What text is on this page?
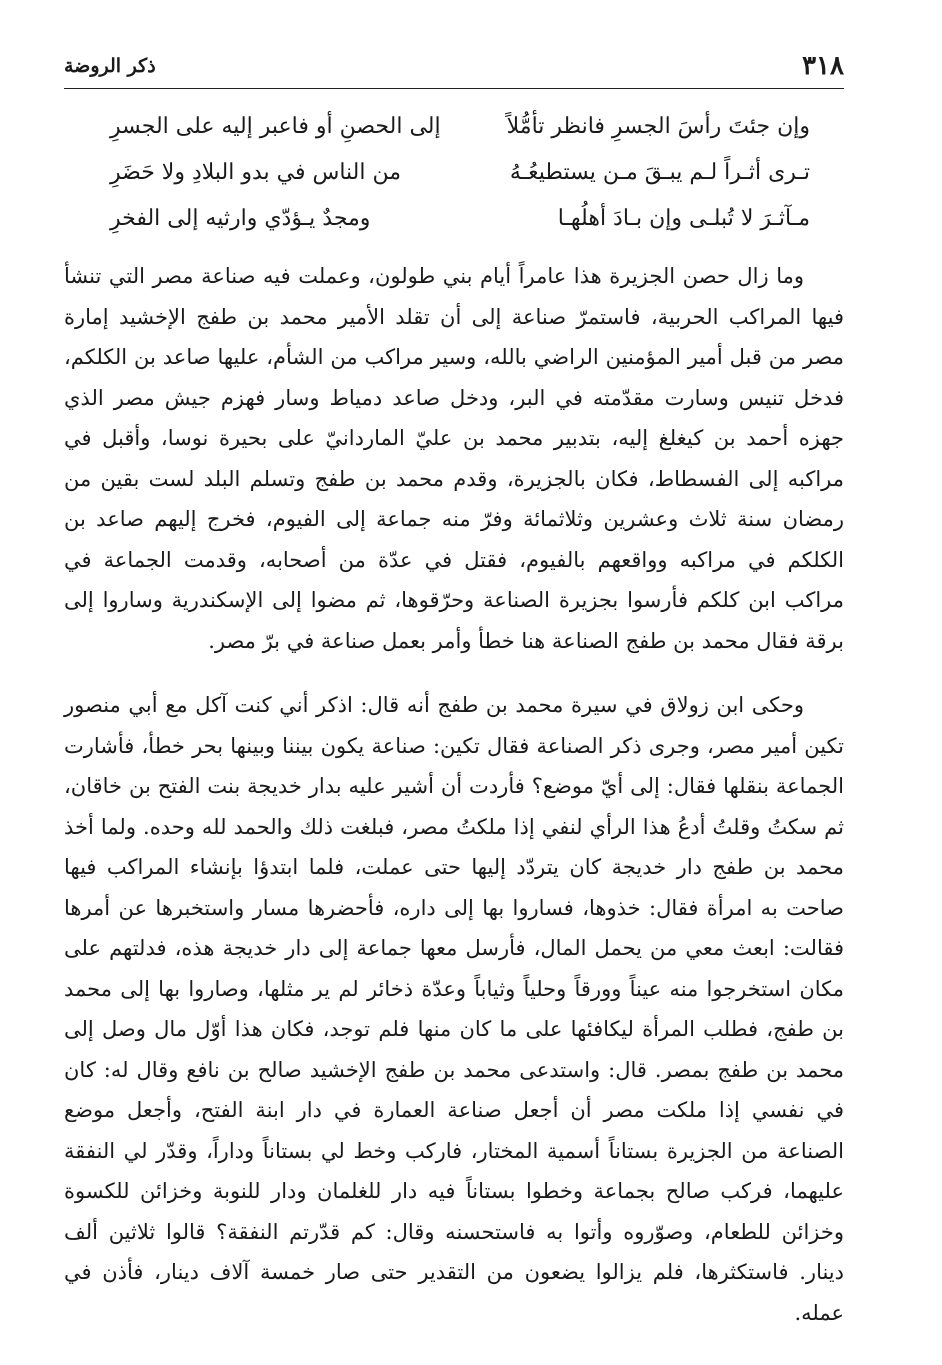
٣١٨
ذكر الروضة
وإن جئتَ رأسَ الجسرِ فانظر تأمُّلاً
إلى الحصنِ أو فاعبر إليه على الجسرِ
تـرى أثـراً لـم يبـقَ مـن يستطيعُـهُ
من الناس في بدو البلادِ ولا حَضَرِ
مـآثـرَ لا تُبلـى وإن بـادَ أهلُهـا
ومجدٌ يـؤدّي وارثيه إلى الفخرِ

وما زال حصن الجزيرة هذا عامراً أيام بني طولون، وعملت فيه صناعة مصر التي تنشأ فيها المراكب الحربية، فاستمرّ صناعة إلى أن تقلد الأمير محمد بن طفج الإخشيد إمارة مصر من قبل أمير المؤمنين الراضي بالله، وسير مراكب من الشأم، عليها صاعد بن الكلكم، فدخل تنيس وسارت مقدّمته في البر، ودخل صاعد دمياط وسار فهزم جيش مصر الذي جهزه أحمد بن كيغلغ إليه، بتدبير محمد بن عليّ الماردانيّ على بحيرة نوسا، وأقبل في مراكبه إلى الفسطاط، فكان بالجزيرة، وقدم محمد بن طفج وتسلم البلد لست بقين من رمضان سنة ثلاث وعشرين وثلاثمائة وفرّ منه جماعة إلى الفيوم، فخرج إليهم صاعد بن الكلكم في مراكبه وواقعهم بالفيوم، فقتل في عدّة من أصحابه، وقدمت الجماعة في مراكب ابن كلكم فأرسوا بجزيرة الصناعة وحرّقوها، ثم مضوا إلى الإسكندرية وساروا إلى برقة فقال محمد بن طفج الصناعة هنا خطأ وأمر بعمل صناعة في برّ مصر.

وحكى ابن زولاق في سيرة محمد بن طفج أنه قال: اذكر أني كنت آكل مع أبي منصور تكين أمير مصر، وجرى ذكر الصناعة فقال تكين: صناعة يكون بيننا وبينها بحر خطأ، فأشارت الجماعة بنقلها فقال: إلى أيّ موضع؟ فأردت أن أشير عليه بدار خديجة بنت الفتح بن خاقان، ثم سكتُ وقلتُ أدعُ هذا الرأي لنفي إذا ملكتُ مصر، فبلغت ذلك والحمد لله وحده. ولما أخذ محمد بن طفج دار خديجة كان يتردّد إليها حتى عملت، فلما ابتدؤا بإنشاء المراكب فيها صاحت به امرأة فقال: خذوها، فساروا بها إلى داره، فأحضرها مسار واستخبرها عن أمرها فقالت: ابعث معي من يحمل المال، فأرسل معها جماعة إلى دار خديجة هذه، فدلتهم على مكان استخرجوا منه عيناً وورقاً وحلياً وثياباً وعدّة ذخائر لم ير مثلها، وصاروا بها إلى محمد بن طفج، فطلب المرأة ليكافئها على ما كان منها فلم توجد، فكان هذا أوّل مال وصل إلى محمد بن طفج بمصر. قال: واستدعى محمد بن طفج الإخشيد صالح بن نافع وقال له: كان في نفسي إذا ملكت مصر أن أجعل صناعة العمارة في دار ابنة الفتح، وأجعل موضع الصناعة من الجزيرة بستاناً أسمية المختار، فاركب وخط لي بستاناً وداراً، وقدّر لي النفقة عليهما، فركب صالح بجماعة وخطوا بستاناً فيه دار للغلمان ودار للنوبة وخزائن للكسوة وخزائن للطعام، وصوّروه وأتوا به فاستحسنه وقال: كم قدّرتم النفقة؟ قالوا ثلاثين ألف دينار. فاستكثرها، فلم يزالوا يضعون من التقدير حتى صار خمسة آلاف دينار، فأذن في عمله.
